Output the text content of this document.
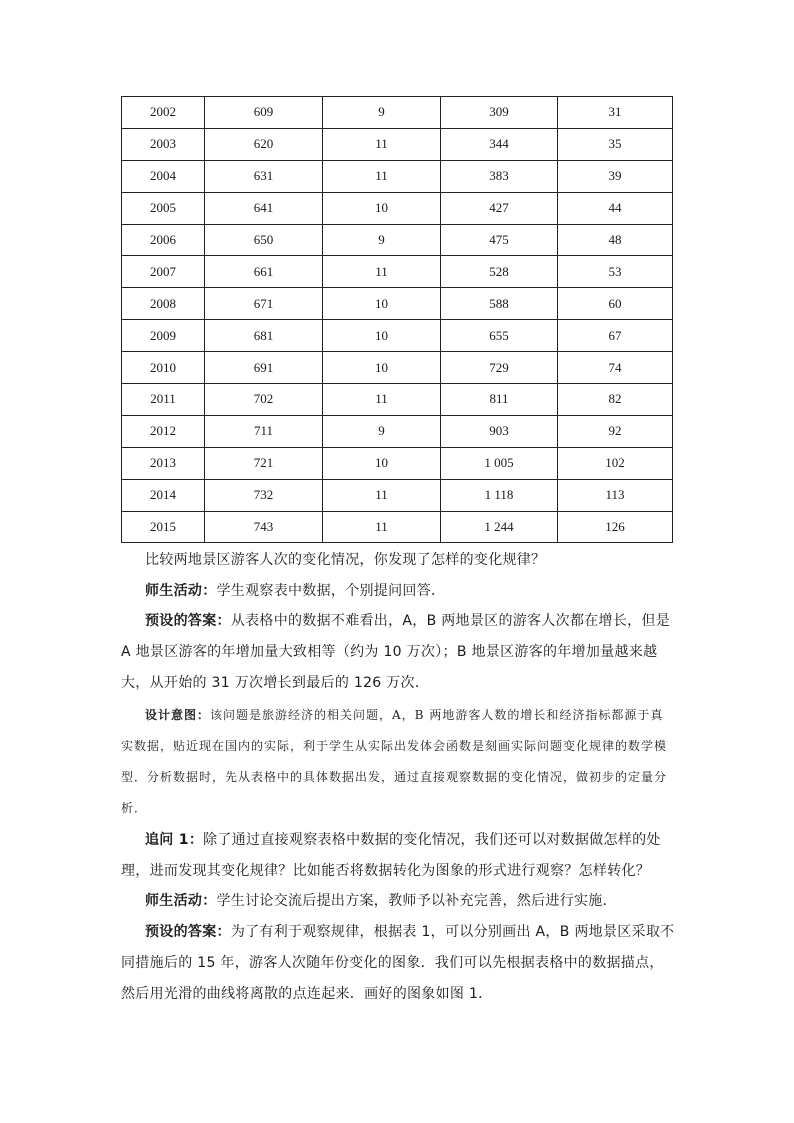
2002	609	9	309	31
2003	620	11	344	35
2004	631	11	383	39
2005	641	10	427	44
2006	650	9	475	48
2007	661	11	528	53
2008	671	10	588	60
2009	681	10	655	67
2010	691	10	729	74
2011	702	11	811	82
2012	711	9	903	92
2013	721	10	1 005	102
2014	732	11	1 118	113
2015	743	11	1 244	126
比较两地景区游客人次的变化情况，你发现了怎样的变化规律？
师生活动：学生观察表中数据，个别提问回答．
预设的答案：从表格中的数据不难看出，A，B 两地景区的游客人次都在增长，但是 A 地景区游客的年增加量大致相等（约为 10 万次）；B 地景区游客的年增加量越来越大，从开始的 31 万次增长到最后的 126 万次．
设计意图：该问题是旅游经济的相关问题，A，B 两地游客人数的增长和经济指标都源于真实数据，贴近现在国内的实际，利于学生从实际出发体会函数是刻画实际问题变化规律的数学模型．分析数据时，先从表格中的具体数据出发，通过直接观察数据的变化情况，做初步的定量分析．
追问 1：除了通过直接观察表格中数据的变化情况，我们还可以对数据做怎样的处理，进而发现其变化规律？比如能否将数据转化为图象的形式进行观察？怎样转化？
师生活动：学生讨论交流后提出方案，教师予以补充完善，然后进行实施．
预设的答案：为了有利于观察规律，根据表 1，可以分别画出 A，B 两地景区采取不同措施后的 15 年，游客人次随年份变化的图象．我们可以先根据表格中的数据描点，然后用光滑的曲线将离散的点连起来．画好的图象如图 1．
